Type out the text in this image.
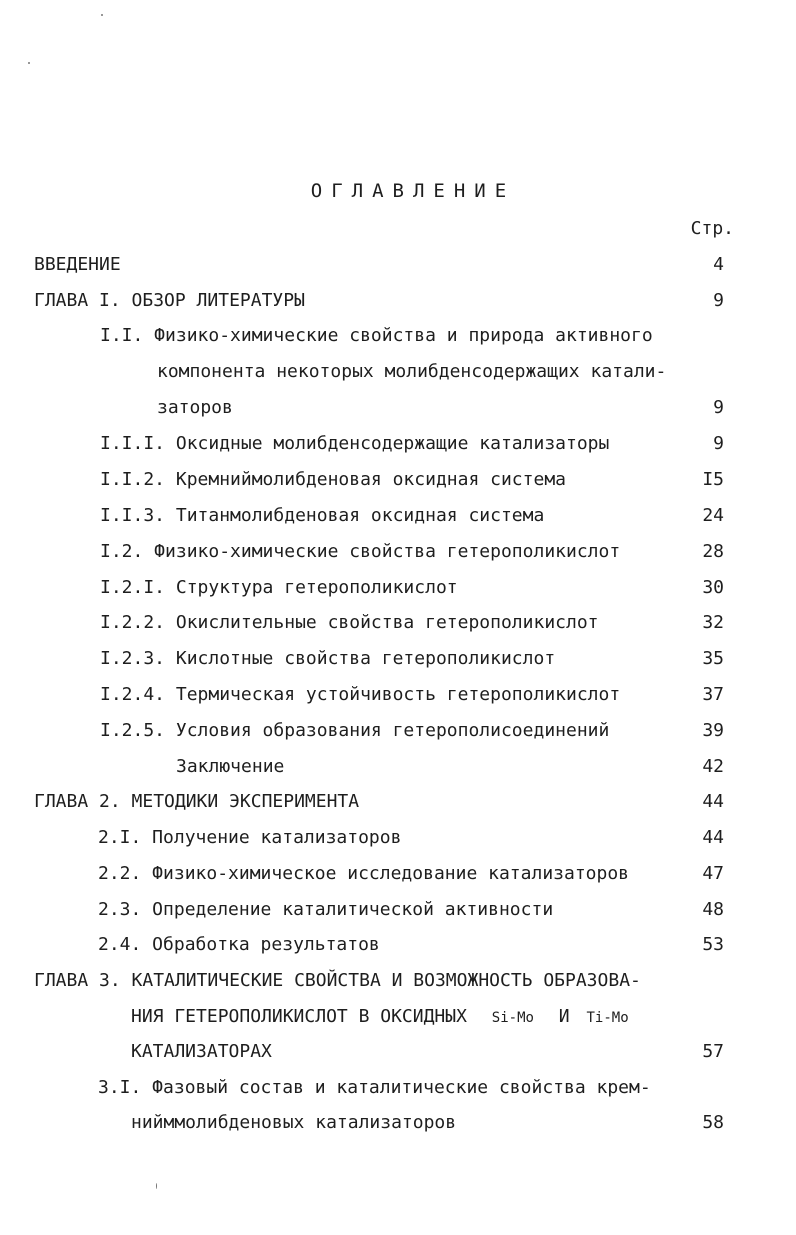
ОГЛАВЛЕНИЕ
Стр.
ВВЕДЕНИЕ	4
ГЛАВА I. ОБЗОР ЛИТЕРАТУРЫ	9
I.I. Физико-химические свойства и природа активного
компонента некоторых молибденсодержащих катали-
заторов	9
I.I.I. Оксидные молибденсодержащие катализаторы	9
I.I.2. Кремниймолибденовая оксидная система	I5
I.I.3. Титанмолибденовая оксидная система	24
I.2. Физико-химические свойства гетерополикислот	28
I.2.I. Структура гетерополикислот	30
I.2.2. Окислительные свойства гетерополикислот	32
I.2.3. Кислотные свойства гетерополикислот	35
I.2.4. Термическая устойчивость гетерополикислот	37
I.2.5. Условия образования гетерополисоединений	39
Заключение	42
ГЛАВА 2. МЕТОДИКИ ЭКСПЕРИМЕНТА	44
2.I. Получение катализаторов	44
2.2. Физико-химическое исследование катализаторов	47
2.3. Определение каталитической активности	48
2.4. Обработка результатов	53
ГЛАВА 3. КАТАЛИТИЧЕСКИЕ СВОЙСТВА И ВОЗМОЖНОСТЬ ОБРАЗОВА-
НИЯ ГЕТЕРОПОЛИКИСЛОТ В ОКСИДНЫХ Si-Mo И Ti-Mo
КАТАЛИЗАТОРАХ	57
3.I. Фазовый состав и каталитические свойства крем-
нийммолибденовых катализаторов	58
